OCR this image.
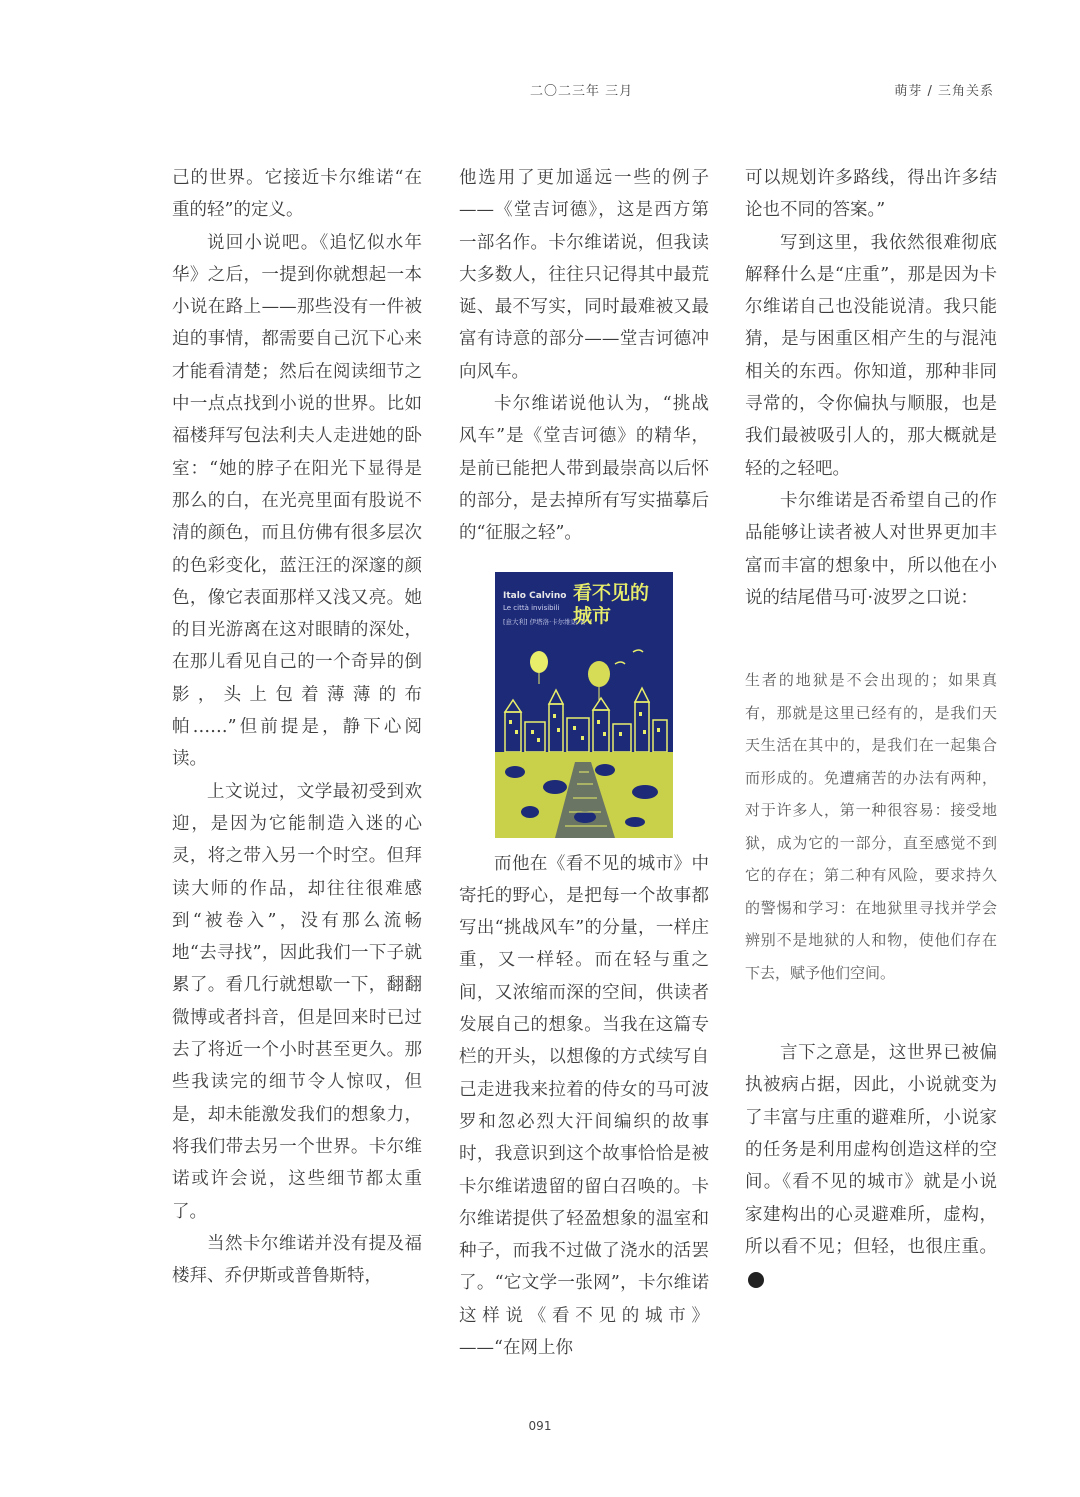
二〇二三年 三月	萌芽 / 三角关系

己的世界。它接近卡尔维诺“在重的轻”的定义。

说回小说吧。《追忆似水年华》之后，一提到你就想起一本小说在路上——那些没有一件被迫的事情，都需要自己沉下心来才能看清楚；然后在阅读细节之中一点点找到小说的世界。比如福楼拜写包法利夫人走进她的卧室：“她的脖子在阳光下显得是那么的白，在光亮里面有股说不清的颜色，而且仿佛有很多层次的色彩变化，蓝汪汪的深邃的颜色，像它表面那样又浅又亮。她的目光游离在这对眼睛的深处，在那儿看见自己的一个奇异的倒影，头上包着薄薄的布帕……”但前提是，静下心阅读。

上文说过，文学最初受到欢迎，是因为它能制造入迷的心灵，将之带入另一个时空。但拜读大师的作品，却往往很难感到“被卷入”，没有那么流畅地“去寻找”，因此我们一下子就累了。看几行就想歇一下，翻翻微博或者抖音，但是回来时已过去了将近一个小时甚至更久。那些我读完的细节令人惊叹，但是，却未能激发我们的想象力，将我们带去另一个世界。卡尔维诺或许会说，这些细节都太重了。

当然卡尔维诺并没有提及福楼拜、乔伊斯或普鲁斯特，

他选用了更加遥远一些的例子——《堂吉诃德》，这是西方第一部名作。卡尔维诺说，但我读大多数人，往往只记得其中最荒诞、最不写实，同时最难被又最富有诗意的部分——堂吉诃德冲向风车。

卡尔维诺说他认为，“挑战风车”是《堂吉诃德》的精华，是前已能把人带到最崇高以后怀的部分，是去掉所有写实描摹后的“征服之轻”。

Italo Calvino
Le città invisibili
[意大利] 伊塔洛·卡尔维诺 著
看不见的城市

而他在《看不见的城市》中寄托的野心，是把每一个故事都写出“挑战风车”的分量，一样庄重，又一样轻。而在轻与重之间，又浓缩而深的空间，供读者发展自己的想象。当我在这篇专栏的开头，以想像的方式续写自己走进我来拉着的侍女的马可波罗和忽必烈大汗间编织的故事时，我意识到这个故事恰恰是被卡尔维诺遗留的留白召唤的。卡尔维诺提供了轻盈想象的温室和种子，而我不过做了浇水的活罢了。“它文学一张网”，卡尔维诺这样说《看不见的城市》——“在网上你

可以规划许多路线，得出许多结论也不同的答案。”

写到这里，我依然很难彻底解释什么是“庄重”，那是因为卡尔维诺自己也没能说清。我只能猜，是与困重区相产生的与混沌相关的东西。你知道，那种非同寻常的，令你偏执与顺服，也是我们最被吸引人的，那大概就是轻的之轻吧。

卡尔维诺是否希望自己的作品能够让读者被人对世界更加丰富而丰富的想象中，所以他在小说的结尾借马可·波罗之口说：

生者的地狱是不会出现的；如果真有，那就是这里已经有的，是我们天天生活在其中的，是我们在一起集合而形成的。免遭痛苦的办法有两种，对于许多人，第一种很容易：接受地狱，成为它的一部分，直至感觉不到它的存在；第二种有风险，要求持久的警惕和学习：在地狱里寻找并学会辨别不是地狱的人和物，使他们存在下去，赋予他们空间。

言下之意是，这世界已被偏执被病占据，因此，小说就变为了丰富与庄重的避难所，小说家的任务是利用虚构创造这样的空间。《看不见的城市》就是小说家建构出的心灵避难所，虚构，所以看不见；但轻，也很庄重。

091
